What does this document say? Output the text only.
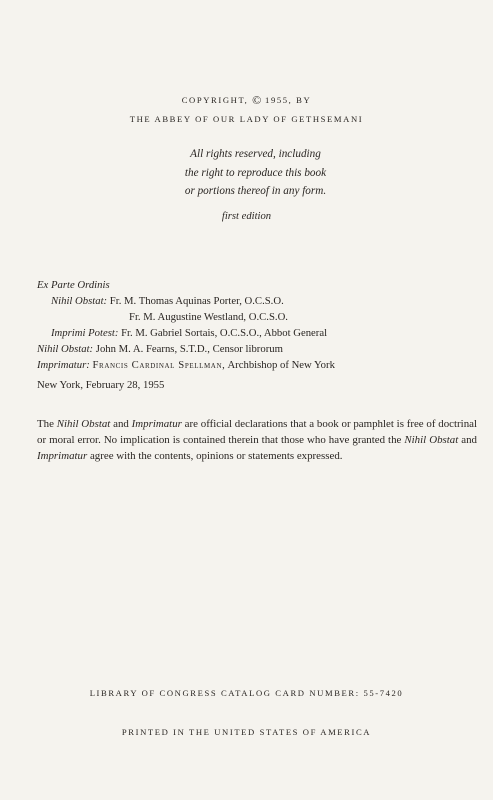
COPYRIGHT, © 1955, BY
THE ABBEY OF OUR LADY OF GETHSEMANI
All rights reserved, including
the right to reproduce this book
or portions thereof in any form.
first edition
Ex Parte Ordinis
Nihil Obstat: Fr. M. Thomas Aquinas Porter, O.C.S.O.
Fr. M. Augustine Westland, O.C.S.O.
Imprimi Potest: Fr. M. Gabriel Sortais, O.C.S.O., Abbot General
Nihil Obstat: John M. A. Fearns, S.T.D., Censor librorum
Imprimatur: Francis Cardinal Spellman, Archbishop of New York
New York, February 28, 1955
The Nihil Obstat and Imprimatur are official declarations that a book or pamphlet is free of doctrinal or moral error. No implication is contained therein that those who have granted the Nihil Obstat and Imprimatur agree with the contents, opinions or statements expressed.
LIBRARY OF CONGRESS CATALOG CARD NUMBER: 55-7420
PRINTED IN THE UNITED STATES OF AMERICA
